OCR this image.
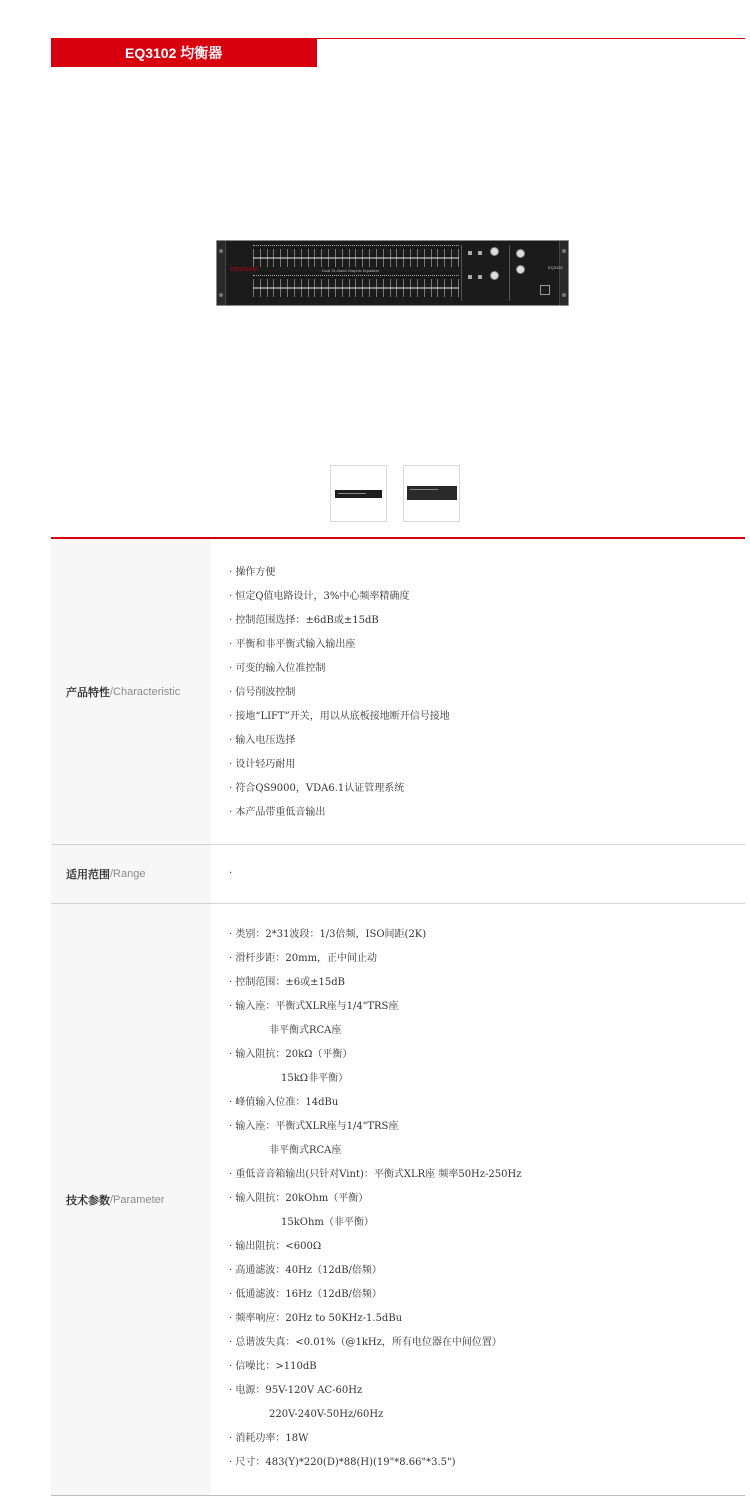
EQ3102 均衡器
DBSOUND	Dual 31-Band Graphic Equalizer
EQ3102
产品特性 /Characteristic
· 操作方便
· 恒定Q值电路设计，3%中心频率精确度
· 控制范围选择：±6dB或±15dB
· 平衡和非平衡式输入输出座
· 可变的输入位准控制
· 信号削波控制
· 接地“LIFT”开关，用以从底板接地断开信号接地
· 输入电压选择
· 设计轻巧耐用
· 符合QS9000，VDA6.1认证管理系统
· 本产品带重低音输出
适用范围 /Range	·
技术参数 /Parameter
· 类别：2*31波段：1/3倍频，ISO间距(2K)
· 滑杆步距：20mm，正中间止动
· 控制范围：±6或±15dB
· 输入座：平衡式XLR座与1/4"TRS座
非平衡式RCA座
· 输入阻抗：20kΩ（平衡）
15kΩ非平衡）
· 峰值输入位准：14dBu
· 输入座：平衡式XLR座与1/4"TRS座
非平衡式RCA座
· 重低音音箱输出(只针对Vint)：平衡式XLR座 频率50Hz-250Hz
· 输入阻抗：20kOhm（平衡）
15kOhm（非平衡）
· 输出阻抗：<600Ω
· 高通滤波：40Hz（12dB/倍频）
· 低通滤波：16Hz（12dB/倍频）
· 频率响应：20Hz to 50KHz-1.5dBu
· 总谐波失真：<0.01%（@1kHz，所有电位器在中间位置）
· 信噪比：>110dB
· 电源：95V-120V AC-60Hz
220V-240V-50Hz/60Hz
· 消耗功率：18W
· 尺寸：483(Y)*220(D)*88(H)(19"*8.66"*3.5")
